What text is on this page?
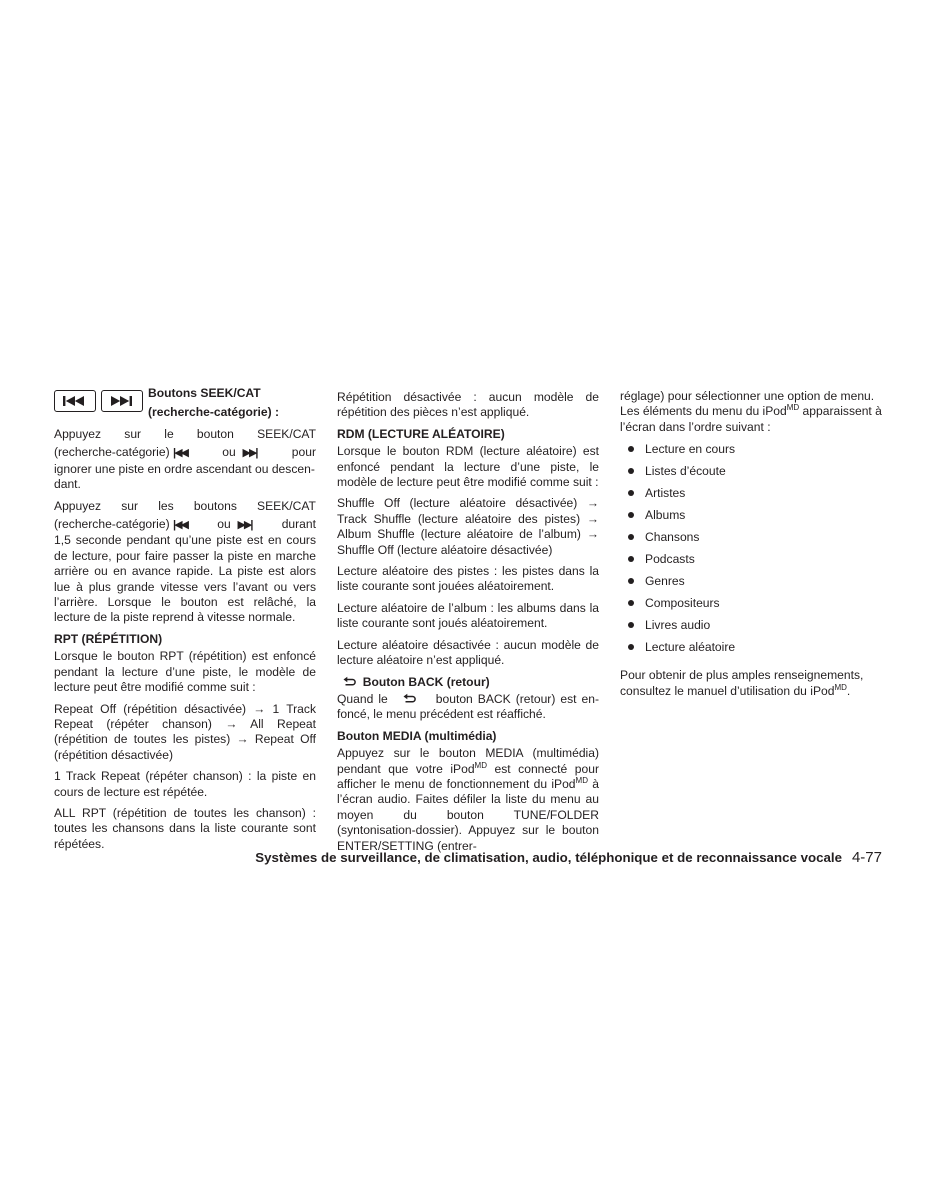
Boutons SEEK/CAT
(recherche-catégorie) :
Appuyez sur le bouton SEEK/CAT
(recherche-catégorie) |◀◀	ou ▶▶|	pour
ignorer une piste en ordre ascendant ou descen-dant.
Appuyez sur les boutons SEEK/CAT
(recherche-catégorie) |◀◀	ou ▶▶|	durant
1,5 seconde pendant qu’une piste est en cours de lecture, pour faire passer la piste en marche arrière ou en avance rapide. La piste est alors lue à plus grande vitesse vers l’avant ou vers l’arrière. Lorsque le bouton est relâché, la lecture de la piste reprend à vitesse normale.
RPT (RÉPÉTITION)

Lorsque le bouton RPT (répétition) est enfoncé pendant la lecture d’une piste, le modèle de lecture peut être modifié comme suit :

Repeat Off (répétition désactivée) → 1 Track Repeat (répéter chanson) → All Repeat (répétition de toutes les pistes) → Repeat Off (répétition désactivée)

1 Track Repeat (répéter chanson) : la piste en cours de lecture est répétée.

ALL RPT (répétition de toutes les chanson) : toutes les chansons dans la liste courante sont répétées.

Répétition désactivée : aucun modèle de répétition des pièces n’est appliqué.

RDM (LECTURE ALÉATOIRE)

Lorsque le bouton RDM (lecture aléatoire) est enfoncé pendant la lecture d’une piste, le modèle de lecture peut être modifié comme suit :

Shuffle Off (lecture aléatoire désactivée) → Track Shuffle (lecture aléatoire des pistes) → Album Shuffle (lecture aléatoire de l’album) → Shuffle Off (lecture aléatoire désactivée)

Lecture aléatoire des pistes : les pistes dans la liste courante sont jouées aléatoirement.

Lecture aléatoire de l’album : les albums dans la liste courante sont joués aléatoirement.

Lecture aléatoire désactivée : aucun modèle de lecture aléatoire n’est appliqué.

Bouton BACK (retour)

Quand le	bouton BACK (retour) est en-foncé, le menu précédent est réaffiché.

Bouton MEDIA (multimédia)

Appuyez sur le bouton MEDIA (multimédia) pendant que votre iPod$^{MD}$ est connecté pour afficher le menu de fonctionnement du iPod$^{MD}$ à l’écran audio. Faites défiler la liste du menu au moyen du bouton TUNE/FOLDER (syntonisation-dossier). Appuyez sur le bouton ENTER/SETTING (entrer-

réglage) pour sélectionner une option de menu. Les éléments du menu du iPod$^{MD}$ apparaissent à l’écran dans l’ordre suivant :

Lecture en cours
Listes d’écoute
Artistes
Albums
Chansons
Podcasts
Genres
Compositeurs
Livres audio
Lecture aléatoire

Pour obtenir de plus amples renseignements, consultez le manuel d’utilisation du iPod$^{MD}$.

Systèmes de surveillance, de climatisation, audio, téléphonique et de reconnaissance vocale 4-77
